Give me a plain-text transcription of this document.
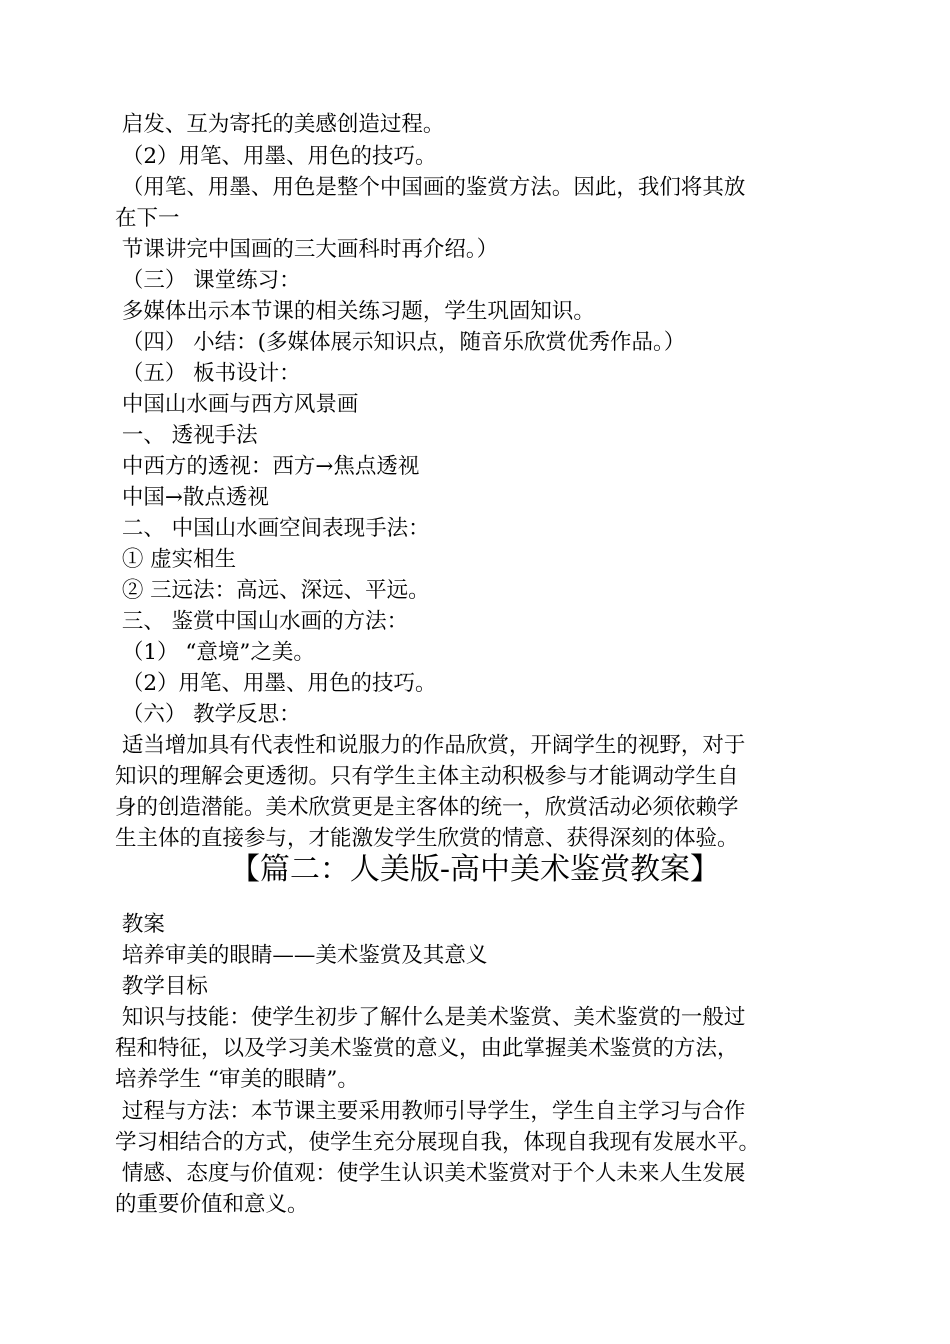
启发、互为寄托的美感创造过程。
（2）用笔、用墨、用色的技巧。
（用笔、用墨、用色是整个中国画的鉴赏方法。因此，我们将其放
在下一
节课讲完中国画的三大画科时再介绍。）
（三） 课堂练习：
多媒体出示本节课的相关练习题，学生巩固知识。
（四） 小结：(多媒体展示知识点，随音乐欣赏优秀作品。）
（五） 板书设计：
中国山水画与西方风景画
一、 透视手法
中西方的透视：西方→焦点透视
中国→散点透视
二、 中国山水画空间表现手法：
① 虚实相生
② 三远法：高远、深远、平远。
三、 鉴赏中国山水画的方法：
（1） “意境”之美。
（2）用笔、用墨、用色的技巧。
（六） 教学反思：
适当增加具有代表性和说服力的作品欣赏，开阔学生的视野，对于
知识的理解会更透彻。只有学生主体主动积极参与才能调动学生自
身的创造潜能。美术欣赏更是主客体的统一，欣赏活动必须依赖学
生主体的直接参与，才能激发学生欣赏的情意、获得深刻的体验。
【篇二：人美版-高中美术鉴赏教案】
教案
培养审美的眼睛——美术鉴赏及其意义
教学目标
知识与技能：使学生初步了解什么是美术鉴赏、美术鉴赏的一般过
程和特征，以及学习美术鉴赏的意义，由此掌握美术鉴赏的方法，
培养学生 “审美的眼睛”。
过程与方法：本节课主要采用教师引导学生，学生自主学习与合作
学习相结合的方式，使学生充分展现自我，体现自我现有发展水平。
情感、态度与价值观：使学生认识美术鉴赏对于个人未来人生发展
的重要价值和意义。
